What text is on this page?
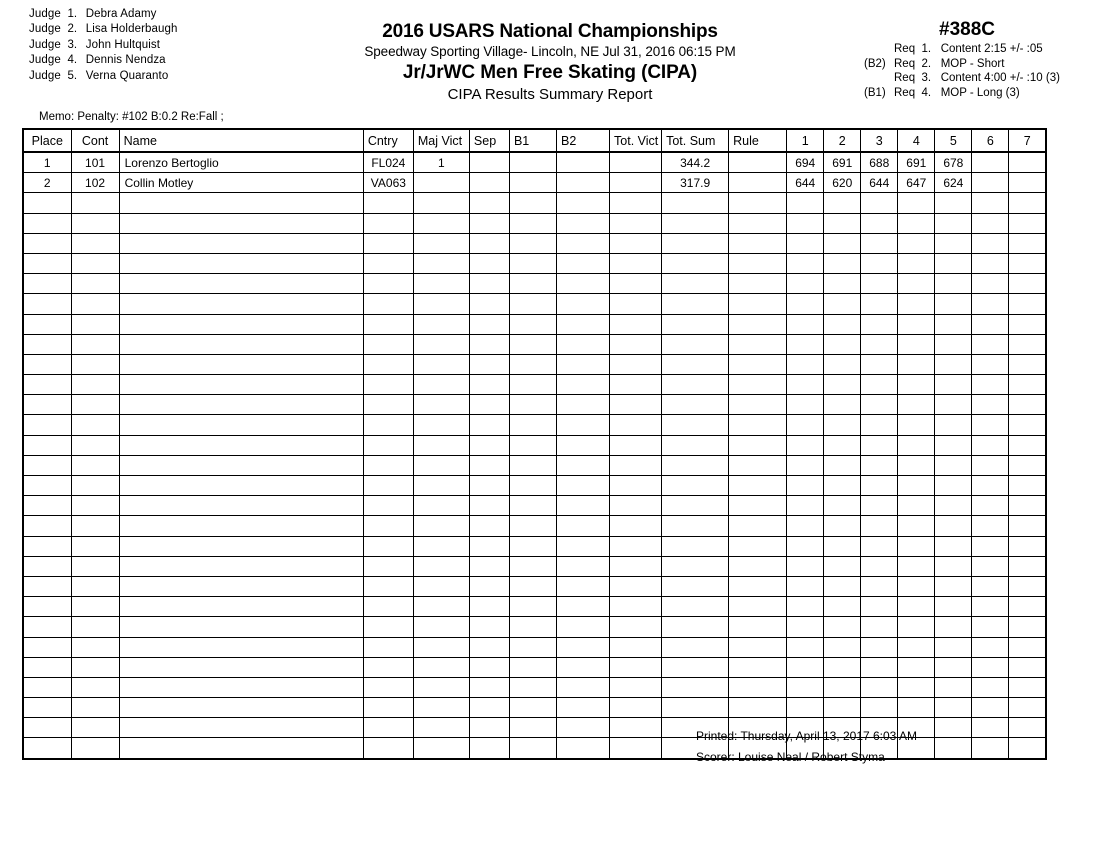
Judge  1. Debra Adamy
Judge  2. Lisa Holderbaugh
Judge  3. John Hultquist
Judge  4. Dennis Nendza
Judge  5. Verna Quaranto
2016 USARS National Championships
Speedway Sporting Village- Lincoln, NE Jul 31, 2016 06:15 PM
Jr/JrWC Men Free Skating (CIPA)
CIPA Results Summary Report
#388C
Req  1. Content 2:15 +/- :05
(B2) Req  2. MOP - Short
Req  3. Content 4:00 +/- :10 (3)
(B1) Req  4. MOP - Long (3)
Memo: Penalty: #102 B:0.2 Re:Fall ;
Place	Cont	Name	Cntry	Maj Vict	Sep	B1	B2	Tot. Vict	Tot. Sum	Rule	1	2	3	4	5	6	7
1	101	Lorenzo Bertoglio	FL024	1					344.2		694	691	688	691	678		
2	102	Collin Motley	VA063						317.9		644	620	644	647	624		

Printed: Thursday, April 13, 2017 6:03 AM
Scorer: Louise Neal / Robert Styma
